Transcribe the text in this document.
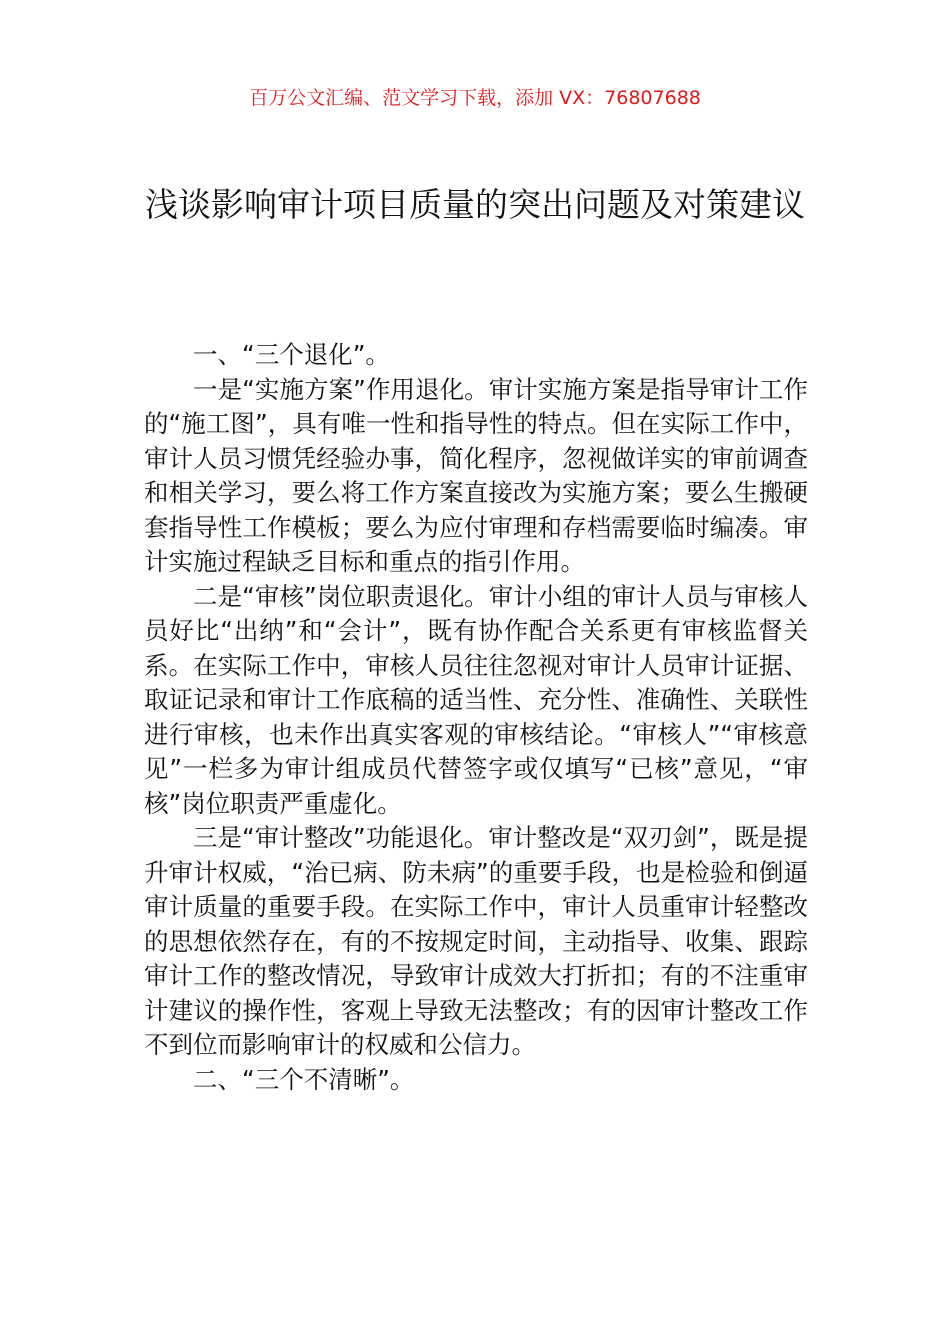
百万公文汇编、范文学习下载，添加 VX：76807688
浅谈影响审计项目质量的突出问题及对策建议

一、“三个退化”。

一是“实施方案”作用退化。审计实施方案是指导审计工作的“施工图”，具有唯一性和指导性的特点。但在实际工作中，审计人员习惯凭经验办事，简化程序，忽视做详实的审前调查和相关学习，要么将工作方案直接改为实施方案；要么生搬硬套指导性工作模板；要么为应付审理和存档需要临时编凑。审计实施过程缺乏目标和重点的指引作用。

二是“审核”岗位职责退化。审计小组的审计人员与审核人员好比“出纳”和“会计”，既有协作配合关系更有审核监督关系。在实际工作中，审核人员往往忽视对审计人员审计证据、取证记录和审计工作底稿的适当性、充分性、准确性、关联性进行审核，也未作出真实客观的审核结论。“审核人”“审核意见”一栏多为审计组成员代替签字或仅填写“已核”意见，“审核”岗位职责严重虚化。

三是“审计整改”功能退化。审计整改是“双刃剑”，既是提升审计权威，“治已病、防未病”的重要手段，也是检验和倒逼审计质量的重要手段。在实际工作中，审计人员重审计轻整改的思想依然存在，有的不按规定时间，主动指导、收集、跟踪审计工作的整改情况，导致审计成效大打折扣；有的不注重审计建议的操作性，客观上导致无法整改；有的因审计整改工作不到位而影响审计的权威和公信力。

二、“三个不清晰”。
